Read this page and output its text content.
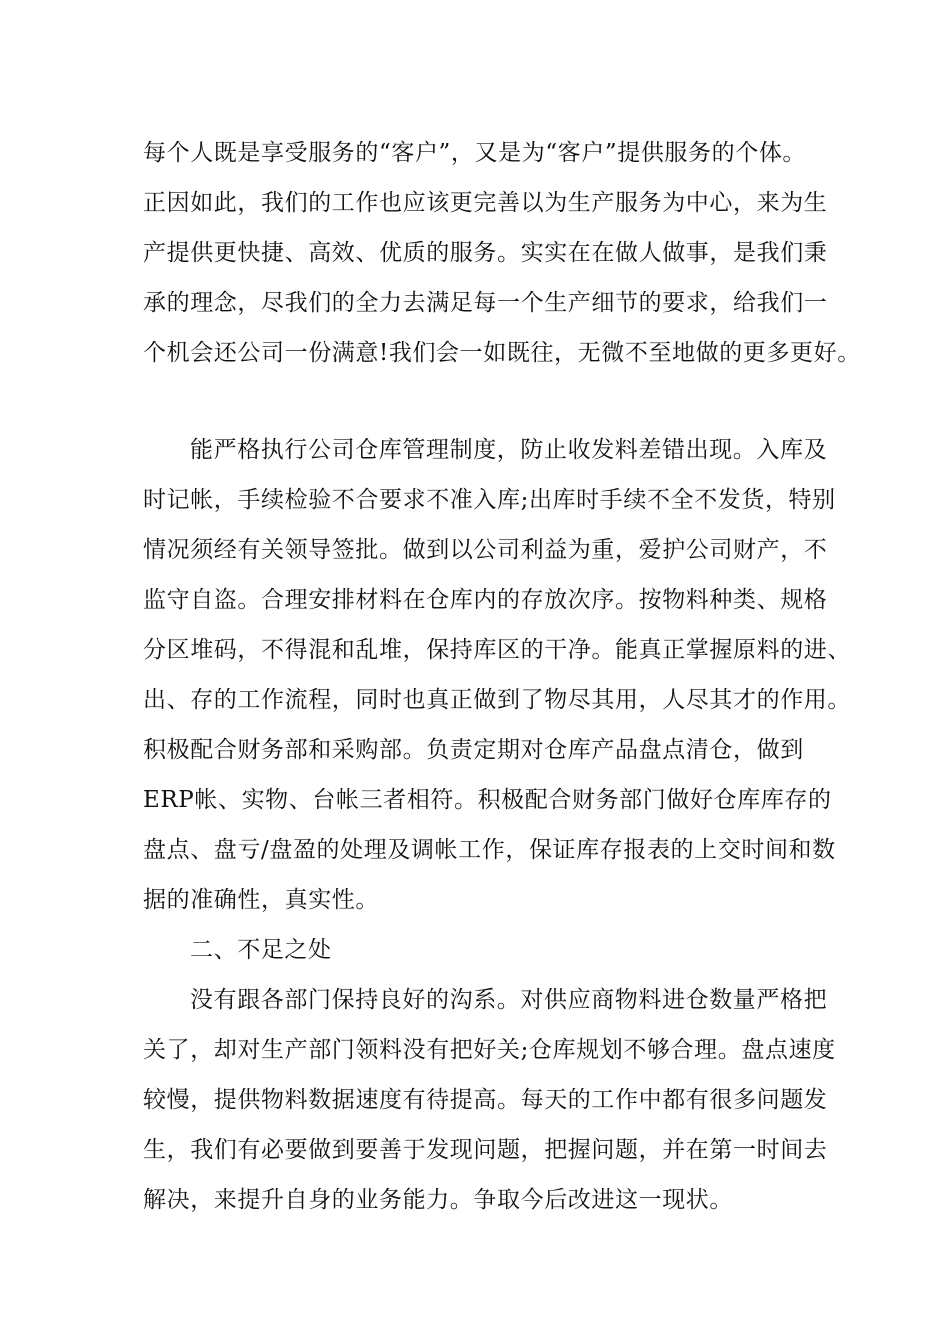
每个人既是享受服务的“客户”，又是为“客户”提供服务的个体。
正因如此，我们的工作也应该更完善以为生产服务为中心，来为生
产提供更快捷、高效、优质的服务。实实在在做人做事，是我们秉
承的理念，尽我们的全力去满足每一个生产细节的要求，给我们一
个机会还公司一份满意!我们会一如既往，无微不至地做的更多更好。
能严格执行公司仓库管理制度，防止收发料差错出现。入库及
时记帐，手续检验不合要求不准入库;出库时手续不全不发货，特别
情况须经有关领导签批。做到以公司利益为重，爱护公司财产，不
监守自盗。合理安排材料在仓库内的存放次序。按物料种类、规格
分区堆码，不得混和乱堆，保持库区的干净。能真正掌握原料的进、
出、存的工作流程，同时也真正做到了物尽其用，人尽其才的作用。
积极配合财务部和采购部。负责定期对仓库产品盘点清仓，做到
ERP帐、实物、台帐三者相符。积极配合财务部门做好仓库库存的
盘点、盘亏/盘盈的处理及调帐工作，保证库存报表的上交时间和数
据的准确性，真实性。
二、不足之处
没有跟各部门保持良好的沟系。对供应商物料进仓数量严格把
关了，却对生产部门领料没有把好关;仓库规划不够合理。盘点速度
较慢，提供物料数据速度有待提高。每天的工作中都有很多问题发
生，我们有必要做到要善于发现问题，把握问题，并在第一时间去
解决，来提升自身的业务能力。争取今后改进这一现状。
